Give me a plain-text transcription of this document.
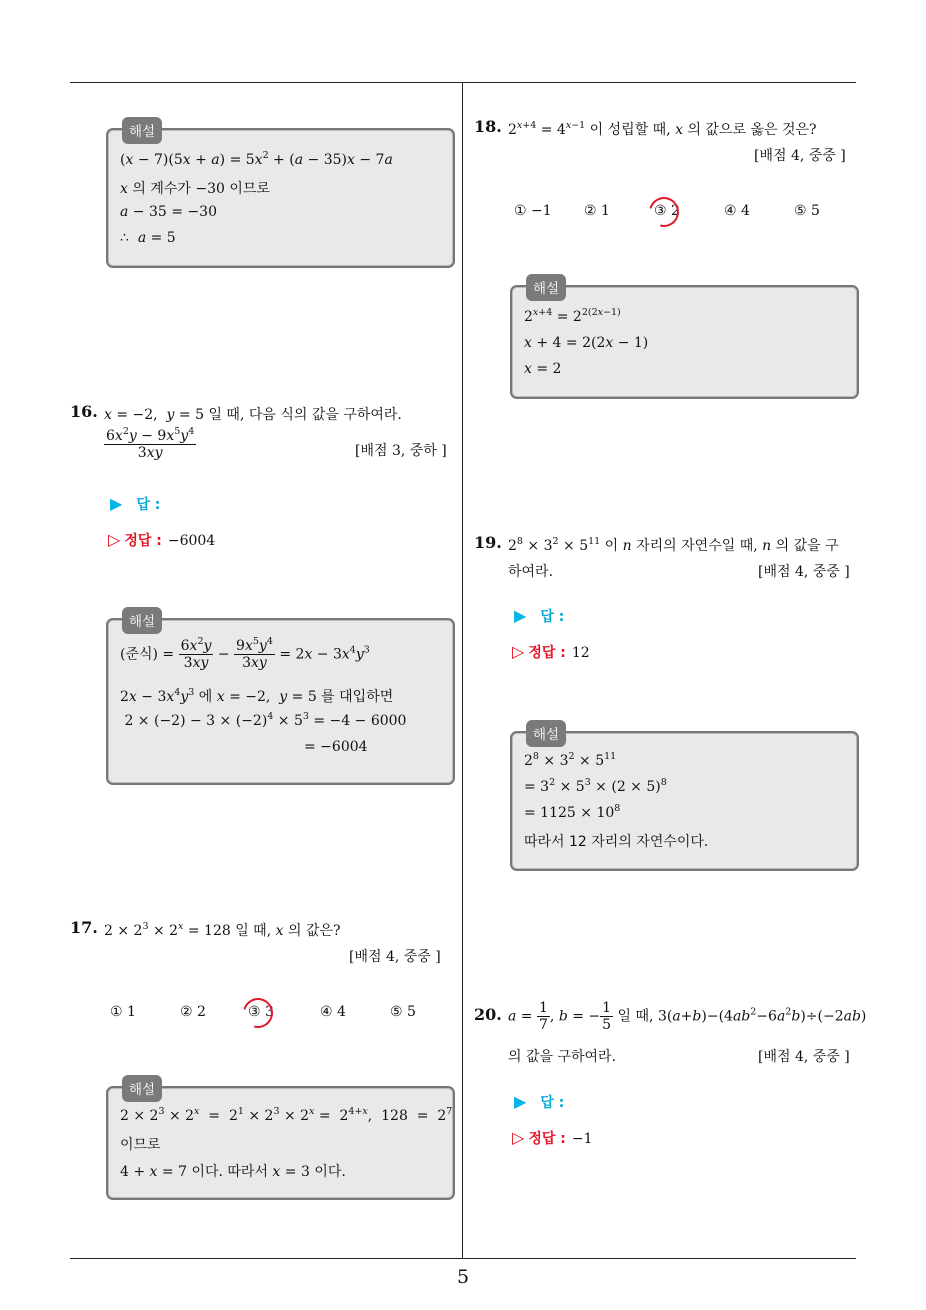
5
해설
$(x - 7)(5x + a) = 5x^2 + (a - 35)x - 7a$
x 의 계수가 −30 이므로
a − 35 = −30
∴  a = 5
16. x = −2,  y = 5 일 때, 다음 식의 값을 구하여라.
$\frac{6x^2y - 9x^5y^4}{3xy}$	[배점 3, 중하 ]
▶ 답 :
▷ 정답 : −6004
해설
(준식) = $\frac{6x^2y}{3xy} - \frac{9x^5y^4}{3xy} = 2x - 3x^4y^3$
$2x - 3x^4y^3$ 에 x = −2,  y = 5 를 대입하면
$2 \times (-2) - 3 \times (-2)^4 \times 5^3 = -4 - 6000$
= −6004
17. $2 \times 2^3 \times 2^x = 128$ 일 때, x 의 값은?
[배점 4, 중중 ]
① 1	② 2	③ 3	④ 4	⑤ 5
해설
$2 \times 2^3 \times 2^x = 2^1 \times 2^3 \times 2^x = 2^{4+x}$,  $128 = 2^7$
이므로
4 + x = 7 이다. 따라서 x = 3 이다.
18. $2^{x+4} = 4^{x-1}$ 이 성립할 때, x 의 값으로 옳은 것은?
[배점 4, 중중 ]
① −1 ② 1	③ 2	④ 4	⑤ 5
해설
$2^{x+4} = 2^{2(2x-1)}$
x + 4 = 2(2x − 1)
x = 2
19. $2^8 \times 3^2 \times 5^{11}$ 이 n 자리의 자연수일 때, n 의 값을 구
하여라.	[배점 4, 중중 ]
▶ 답 :
▷ 정답 : 12
해설
$2^8 \times 3^2 \times 5^{11}$
= $3^2 \times 5^3 \times (2 \times 5)^8$
= $1125 \times 10^8$
따라서 12 자리의 자연수이다.
20. $a = \frac{1}{7}$ , b = − $\frac{1}{5}$ 일 때, $3(a+b)-(4ab^2-6a^2b)\div(-2ab)$
의 값을 구하여라.	[배점 4, 중중 ]
▶ 답 :
▷ 정답 : −1
